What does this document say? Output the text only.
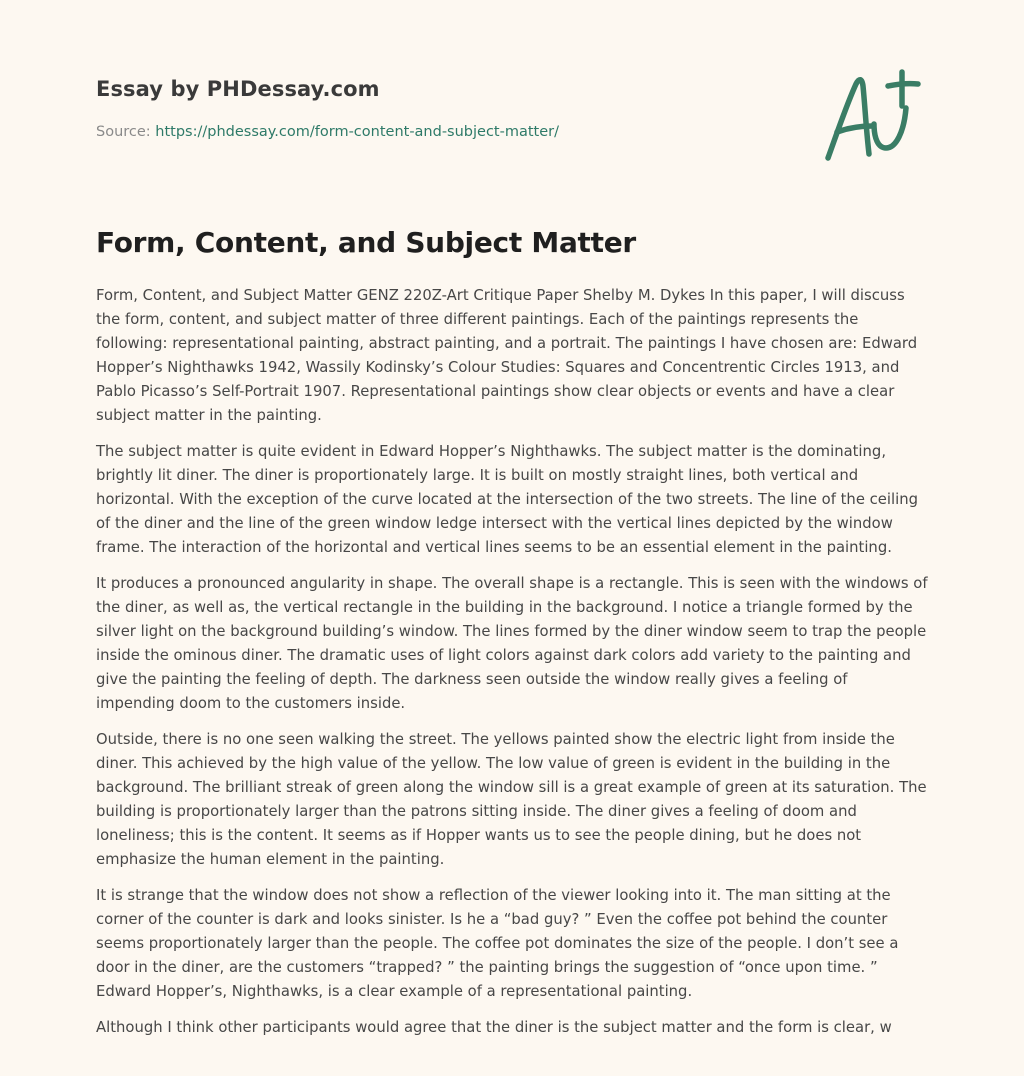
Essay by PHDessay.com
Source: https://phdessay.com/form-content-and-subject-matter/
Form, Content, and Subject Matter

Form, Content, and Subject Matter GENZ 220Z-Art Critique Paper Shelby M. Dykes In this paper, I will discuss the form, content, and subject matter of three different paintings. Each of the paintings represents the following: representational painting, abstract painting, and a portrait. The paintings I have chosen are: Edward Hopper’s Nighthawks 1942, Wassily Kodinsky’s Colour Studies: Squares and Concentrentic Circles 1913, and Pablo Picasso’s Self-Portrait 1907. Representational paintings show clear objects or events and have a clear subject matter in the painting.

The subject matter is quite evident in Edward Hopper’s Nighthawks. The subject matter is the dominating, brightly lit diner. The diner is proportionately large. It is built on mostly straight lines, both vertical and horizontal. With the exception of the curve located at the intersection of the two streets. The line of the ceiling of the diner and the line of the green window ledge intersect with the vertical lines depicted by the window frame. The interaction of the horizontal and vertical lines seems to be an essential element in the painting.

It produces a pronounced angularity in shape. The overall shape is a rectangle. This is seen with the windows of the diner, as well as, the vertical rectangle in the building in the background. I notice a triangle formed by the silver light on the background building’s window. The lines formed by the diner window seem to trap the people inside the ominous diner. The dramatic uses of light colors against dark colors add variety to the painting and give the painting the feeling of depth. The darkness seen outside the window really gives a feeling of impending doom to the customers inside.

Outside, there is no one seen walking the street. The yellows painted show the electric light from inside the diner. This achieved by the high value of the yellow. The low value of green is evident in the building in the background. The brilliant streak of green along the window sill is a great example of green at its saturation. The building is proportionately larger than the patrons sitting inside. The diner gives a feeling of doom and loneliness; this is the content. It seems as if Hopper wants us to see the people dining, but he does not emphasize the human element in the painting.

It is strange that the window does not show a reflection of the viewer looking into it. The man sitting at the corner of the counter is dark and looks sinister. Is he a “bad guy? ” Even the coffee pot behind the counter seems proportionately larger than the people. The coffee pot dominates the size of the people. I don’t see a door in the diner, are the customers “trapped? ” the painting brings the suggestion of “once upon time. ” Edward Hopper’s, Nighthawks, is a clear example of a representational painting.

Although I think other participants would agree that the diner is the subject matter and the form is clear, w
